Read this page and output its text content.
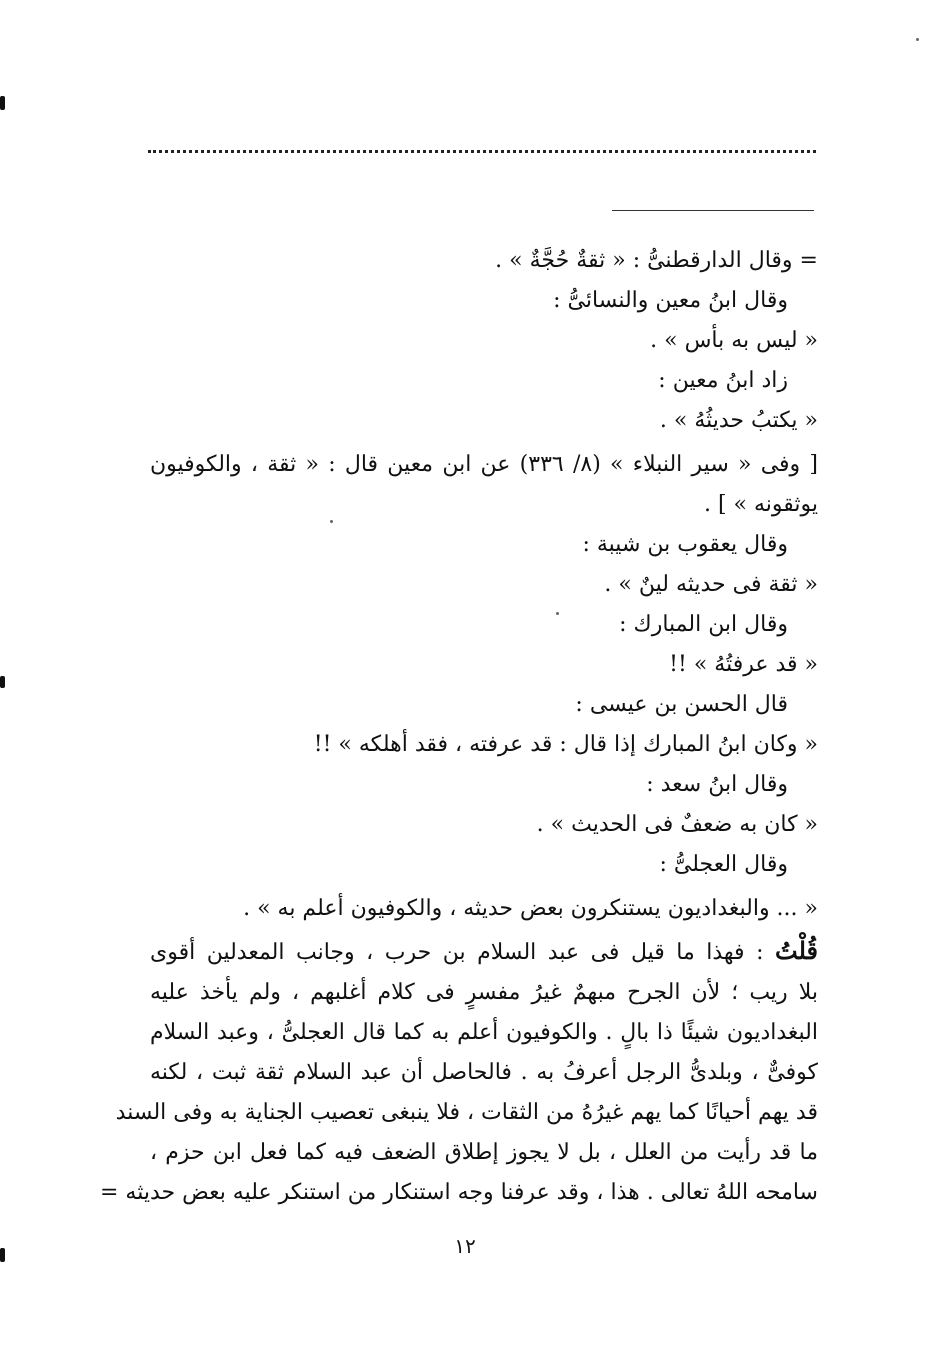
= وقال الدارقطنىُّ : « ثقةٌ حُجَّةٌ » .
وقال ابنُ معين والنسائىُّ :
« ليس به بأس » .
زاد ابنُ معين :
« يكتبُ حديثُهُ » .
[ وفى « سير النبلاء » (٨/ ٣٣٦) عن ابن معين قال : « ثقة ، والكوفيون
يوثقونه » ] .
وقال يعقوب بن شيبة :
« ثقة فى حديثه لينٌ » .
وقال ابن المبارك :
« قد عرفتُهُ » !!
قال الحسن بن عيسى :
« وكان ابنُ المبارك إذا قال : قد عرفته ، فقد أهلكه » !!
وقال ابنُ سعد :
« كان به ضعفٌ فى الحديث » .
وقال العجلىُّ :
« ... والبغداديون يستنكرون بعض حديثه ، والكوفيون أعلم به » .
قُلْتُ : فهذا ما قيل فى عبد السلام بن حرب ، وجانب المعدلين أقوى
بلا ريب ؛ لأن الجرح مبهمٌ غيرُ مفسرٍ فى كلام أغلبهم ، ولم يأخذ عليه
البغداديون شيئًا ذا بالٍ . والكوفيون أعلم به كما قال العجلىُّ ، وعبد السلام
كوفىٌّ ، وبلدىُّ الرجل أعرفُ به . فالحاصل أن عبد السلام ثقة ثبت ، لكنه
قد يهم أحيانًا كما يهم غيرُهُ من الثقات ، فلا ينبغى تعصيب الجناية به وفى السند
ما قد رأيت من العلل ، بل لا يجوز إطلاق الضعف فيه كما فعل ابن حزم ،
سامحه اللهُ تعالى . هذا ، وقد عرفنا وجه استنكار من استنكر عليه بعض حديثه =
١٢
